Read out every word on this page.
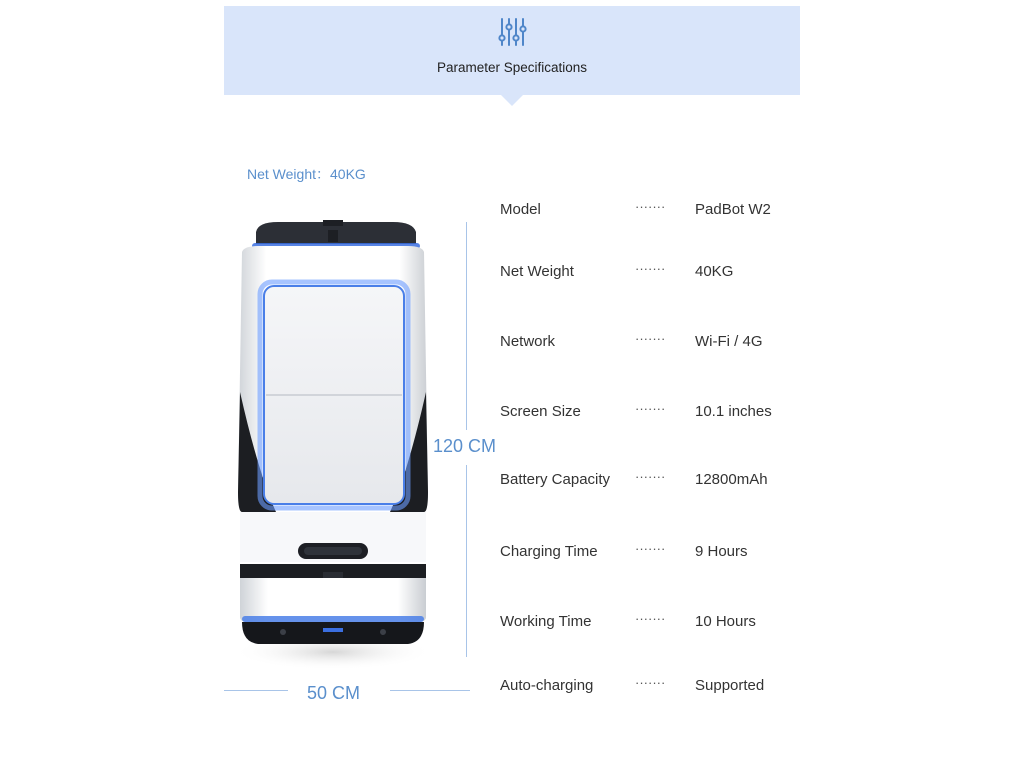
Parameter Specifications
Net Weight：40KG
120 CM
50 CM
Model	······· PadBot W2
Net Weight	······· 40KG
Network	······· Wi-Fi / 4G
Screen Size	······· 10.1 inches
Battery Capacity ······· 12800mAh
Charging Time	······· 9 Hours
Working Time	······· 10 Hours
Auto-charging	······· Supported
